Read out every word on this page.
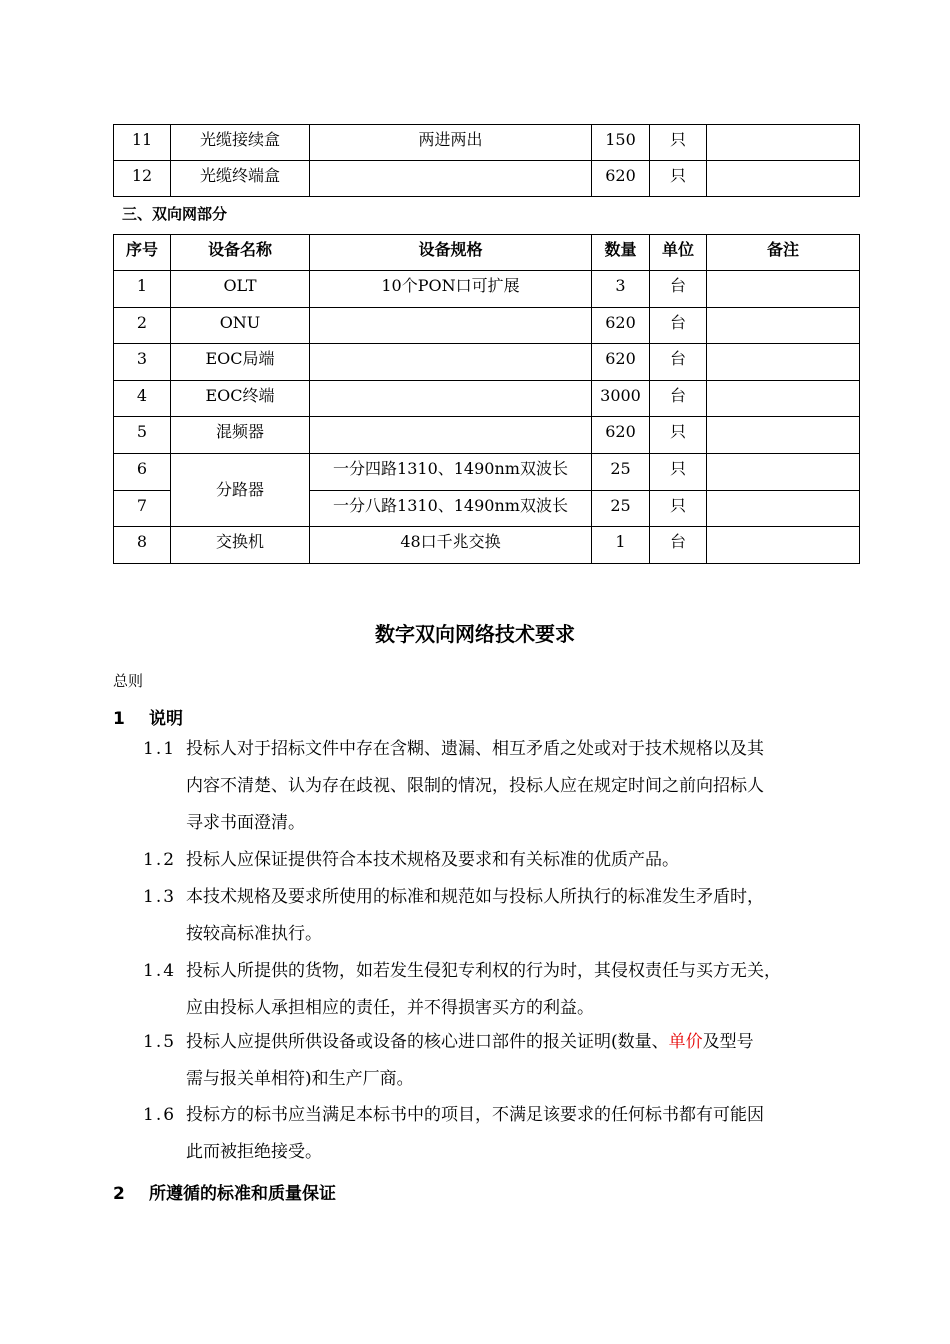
11	光缆接续盒	两进两出	150	只	
12	光缆终端盒		620	只	
三、双向网部分
序号	设备名称	设备规格	数量	单位	备注
1	OLT	10个PON口可扩展	3	台	
2	ONU		620	台	
3	EOC局端		620	台	
4	EOC终端		3000	台	
5	混频器		620	只	
6	分路器	一分四路1310、1490nm双波长	25	只	
7		一分八路1310、1490nm双波长	25	只	
8	交换机	48口千兆交换	1	台	
数字双向网络技术要求
总则
1 说明
1.1 投标人对于招标文件中存在含糊、遗漏、相互矛盾之处或对于技术规格以及其
内容不清楚、认为存在歧视、限制的情况，投标人应在规定时间之前向招标人
寻求书面澄清。
1.2 投标人应保证提供符合本技术规格及要求和有关标准的优质产品。
1.3 本技术规格及要求所使用的标准和规范如与投标人所执行的标准发生矛盾时，
按较高标准执行。
1.4 投标人所提供的货物，如若发生侵犯专利权的行为时，其侵权责任与买方无关，
应由投标人承担相应的责任，并不得损害买方的利益。
1.5 投标人应提供所供设备或设备的核心进口部件的报关证明(数量、单价及型号
需与报关单相符)和生产厂商。
1.6 投标方的标书应当满足本标书中的项目，不满足该要求的任何标书都有可能因
此而被拒绝接受。
2 所遵循的标准和质量保证
